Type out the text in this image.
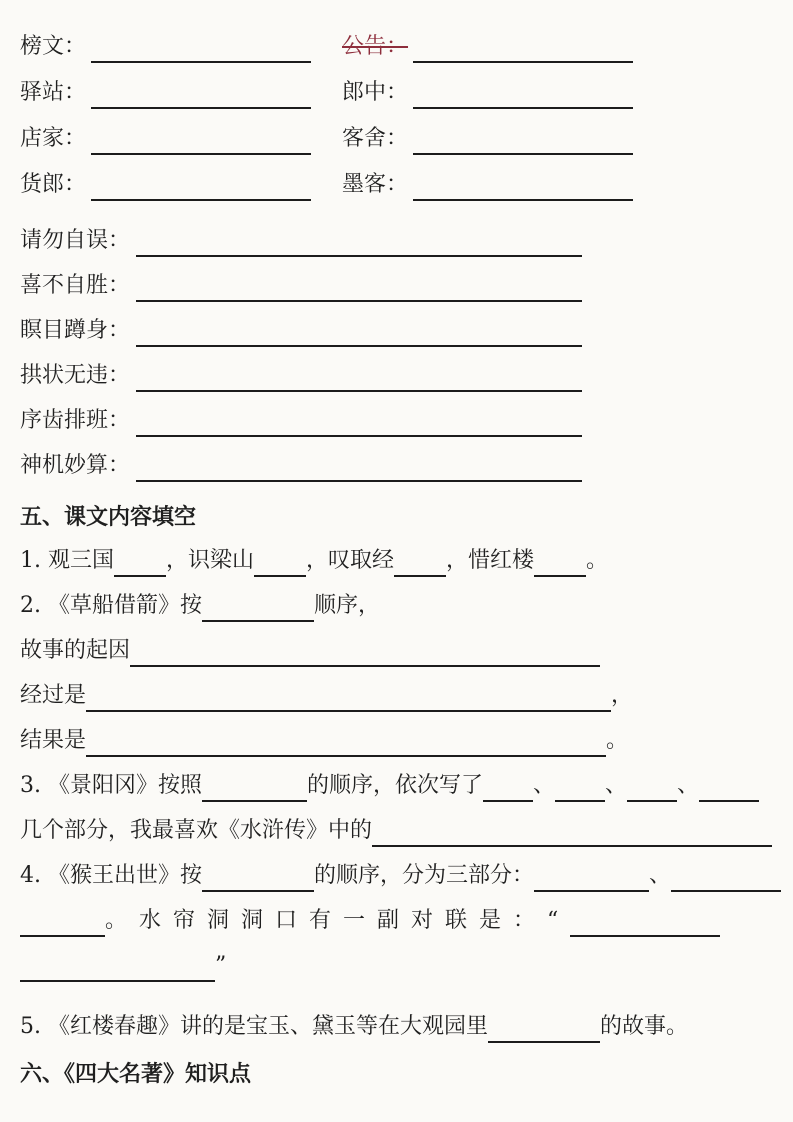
榜文：	公告：
驿站：	郎中：
店家：	客舍：
货郎：	墨客：
请勿自误：
喜不自胜：
瞑目蹲身：
拱状无违：
序齿排班：
神机妙算：
五、课文内容填空
1. 观三国 ，识梁山 ，叹取经 ，惜红楼 。
2. 《草船借箭》按	顺序，
故事的起因
经过是	，
结果是	。
3. 《景阳冈》按照	的顺序，依次写了 、 、 、
几个部分，我最喜欢《水浒传》中的
4. 《猴王出世》按	的顺序，分为三部分：	、
。水帘洞洞口有一副对联是：“
”
5. 《红楼春趣》讲的是宝玉、黛玉等在大观园里	的故事。
六、《四大名著》知识点
